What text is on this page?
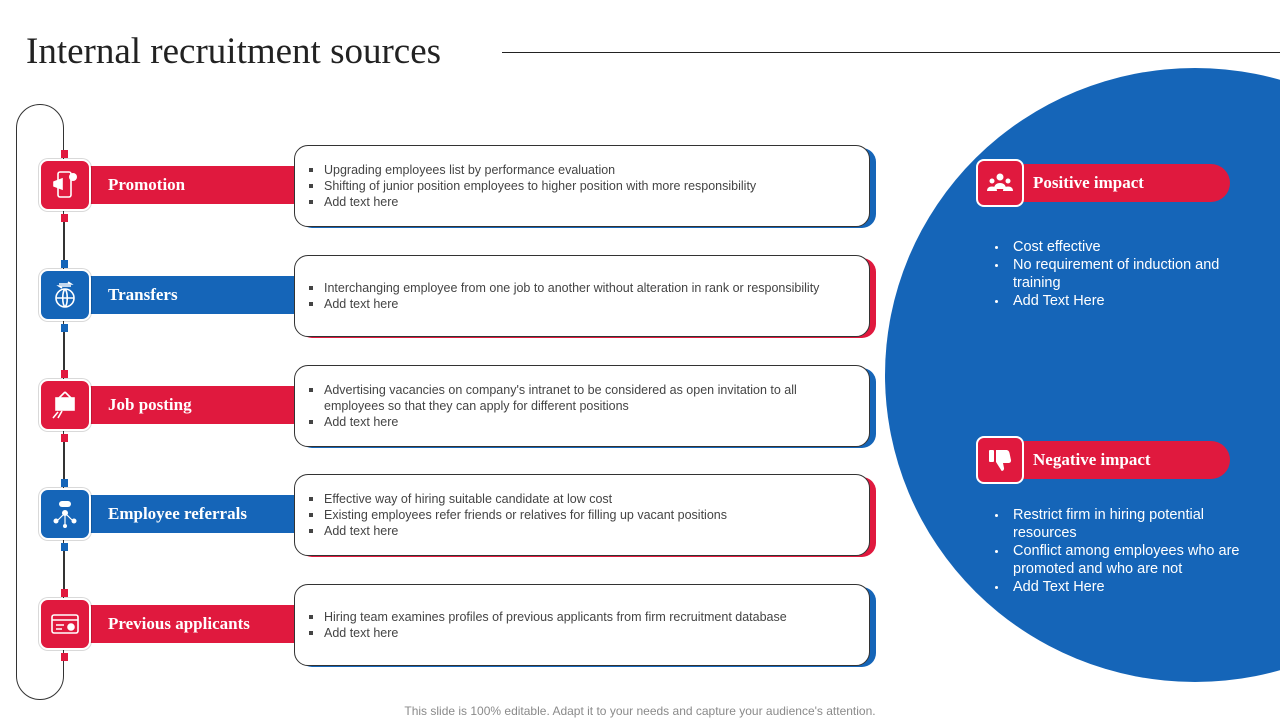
Internal recruitment sources
Promotion
Upgrading employees list by performance evaluation
Shifting of junior position employees to higher position with more responsibility
Add text here
Transfers	Interchanging employee from one job to another without alteration in rank or responsibility
Add text here
Job posting
Advertising vacancies on company's intranet to be considered as open invitation to all employees so that they can apply for different positions
Add text here
Employee referrals
Effective way of hiring suitable candidate at low cost
Existing employees refer friends or relatives for filling up vacant positions
Add text here
Previous applicants	Hiring team examines profiles of previous applicants from firm recruitment database
Add text here
Positive impact
Cost effective
No requirement of induction and training
Add Text Here
Negative impact
Restrict firm in hiring potential resources
Conflict among employees who are promoted and who are not
Add Text Here
This slide is 100% editable. Adapt it to your needs and capture your audience's attention.
